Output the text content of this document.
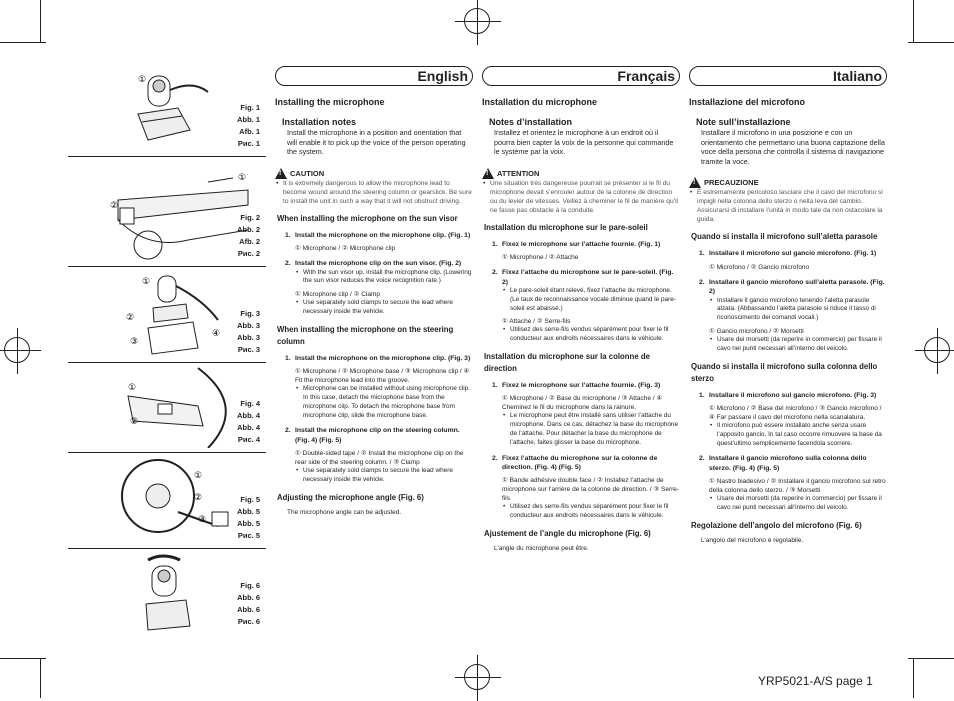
①
Fig. 1
Abb. 1
Afb. 1
Рис. 1
②
①
Fig. 2
Abb. 2
Afb. 2
Рис. 2
①
②
③
④
Fig. 3
Abb. 3
Abb. 3
Рис. 3
①
②
Fig. 4
Abb. 4
Abb. 4
Рис. 4
①
②
③
Fig. 5
Abb. 5
Abb. 5
Рис. 5
Fig. 6
Abb. 6
Abb. 6
Рис. 6
English
Installing the microphone
Installation notes
Install the microphone in a position and orientation that will enable it to pick up the voice of the person operating the system.
! CAUTION
• It is extremely dangerous to allow the microphone lead to become wound around the steering column or gearstick. Be sure to install the unit in such a way that it will not obstruct driving.
When installing the microphone on the sun visor
1. Install the microphone on the microphone clip. (Fig. 1)
① Microphone / ② Microphone clip
2. Install the microphone clip on the sun visor. (Fig. 2)
• With the sun visor up, install the microphone clip. (Lowering the sun visor reduces the voice recognition rate.)
① Microphone clip / ② Clamp
• Use separately sold clamps to secure the lead where necessary inside the vehicle.
When installing the microphone on the steering column
1. Install the microphone on the microphone clip. (Fig. 3)
① Microphone / ② Microphone base / ③ Microphone clip / ④ Fit the microphone lead into the groove.
• Microphone can be installed without using microphone clip. In this case, detach the microphone base from the microphone clip. To detach the microphone base from microphone clip, slide the microphone base.
2. Install the microphone clip on the steering column. (Fig. 4) (Fig. 5)
① Double-sided tape / ② Install the microphone clip on the rear side of the steering column. / ③ Clamp
• Use separately sold clamps to secure the lead where necessary inside the vehicle.
Adjusting the microphone angle (Fig. 6)
The microphone angle can be adjusted.
Français
Installation du microphone
Notes d’installation
Installez et orientez le microphone à un endroit où il pourra bien capter la voix de la personne qui commande le système par la voix.
! ATTENTION
• Une situation très dangereuse pourrait se présenter si le fil du microphone devait s’enrouler autour de la colonne de direction ou du levier de vitesses. Veillez à cheminer le fil de manière qu’il ne fasse pas obstacle à la conduite.
Installation du microphone sur le pare-soleil
1. Fixez le microphone sur l’attache fournie. (Fig. 1)
① Microphone / ② Attache
2. Fixez l’attache du microphone sur le pare-soleil. (Fig. 2)
• Le pare-soleil étant relevé, fixez l’attache du microphone. (Le taux de reconnaissance vocale diminue quand le pare-soleil est abaissé.)
① Attache / ② Serre-fils
• Utilisez des serre-fils vendus séparément pour fixer le fil conducteur aux endroits nécessaires dans le véhicule.
Installation du microphone sur la colonne de direction
1. Fixez le microphone sur l’attache fournie. (Fig. 3)
① Microphone / ② Base du microphone / ③ Attache / ④ Cheminez le fil du microphone dans la rainure.
• Le microphone peut être installé sans utiliser l’attache du microphone. Dans ce cas, détachez la base du microphone de l’attache. Pour détacher la base du microphone de l’attache, faites glisser la base du microphone.
2. Fixez l’attache du microphone sur la colonne de direction. (Fig. 4) (Fig. 5)
① Bande adhésive double face / ② Installez l’attache de microphone sur l’arrière de la colonne de direction. / ③ Serre-fils
• Utilisez des serre-fils vendus séparément pour fixer le fil conducteur aux endroits nécessaires dans le véhicule.
Ajustement de l’angle du microphone (Fig. 6)
L’angle du microphone peut être.
Italiano
Installazione del microfono
Note sull’installazione
Installare il microfono in una posizione e con un orientamento che permettano una buona captazione della voce della persona che controlla il sistema di navigazione tramite la voce.
! PRECAUZIONE
• È estremamente pericoloso lasciare che il cavo del microfono si impigli nella colonna dello sterzo o nella leva del cambio. Assicurarsi di installare l’unità in modo tale da non ostacolare la guida.
Quando si installa il microfono sull’aletta parasole
1. Installare il microfono sul gancio microfono. (Fig. 1)
① Microfono / ② Gancio microfono
2. Installare il gancio microfono sull’aletta parasole. (Fig. 2)
• Installare il gancio microfono tenendo l’aletta parasole alzata. (Abbassando l’aletta parasole si riduce il tasso di riconoscimento dei comandi vocali.)
① Gancio microfono / ② Morsetti
• Usare dei morsetti (da reperire in commercio) per fissare il cavo nei punti necessari all’interno del veicolo.
Quando si installa il microfono sulla colonna dello sterzo
1. Installare il microfono sul gancio microfono. (Fig. 3)
① Microfono / ② Base del microfono / ③ Gancio microfono / ④ Far passare il cavo del microfono nella scanalatura.
• Il microfono può essere installato anche senza usare l’apposito gancio. In tal caso occorre rimuovere la base da quest’ultimo semplicemente facendola scorrere.
2. Installare il gancio microfono sulla colonna dello sterzo. (Fig. 4) (Fig. 5)
① Nastro biadesivo / ② Installare il gancio microfono sul retro della colonna dello sterzo. / ③ Morsetti
• Usare dei morsetti (da reperire in commercio) per fissare il cavo nei punti necessari all’interno del veicolo.
Regolazione dell’angolo del microfono (Fig. 6)
L’angolo del microfono è regolabile.
YRP5021-A/S page 1
